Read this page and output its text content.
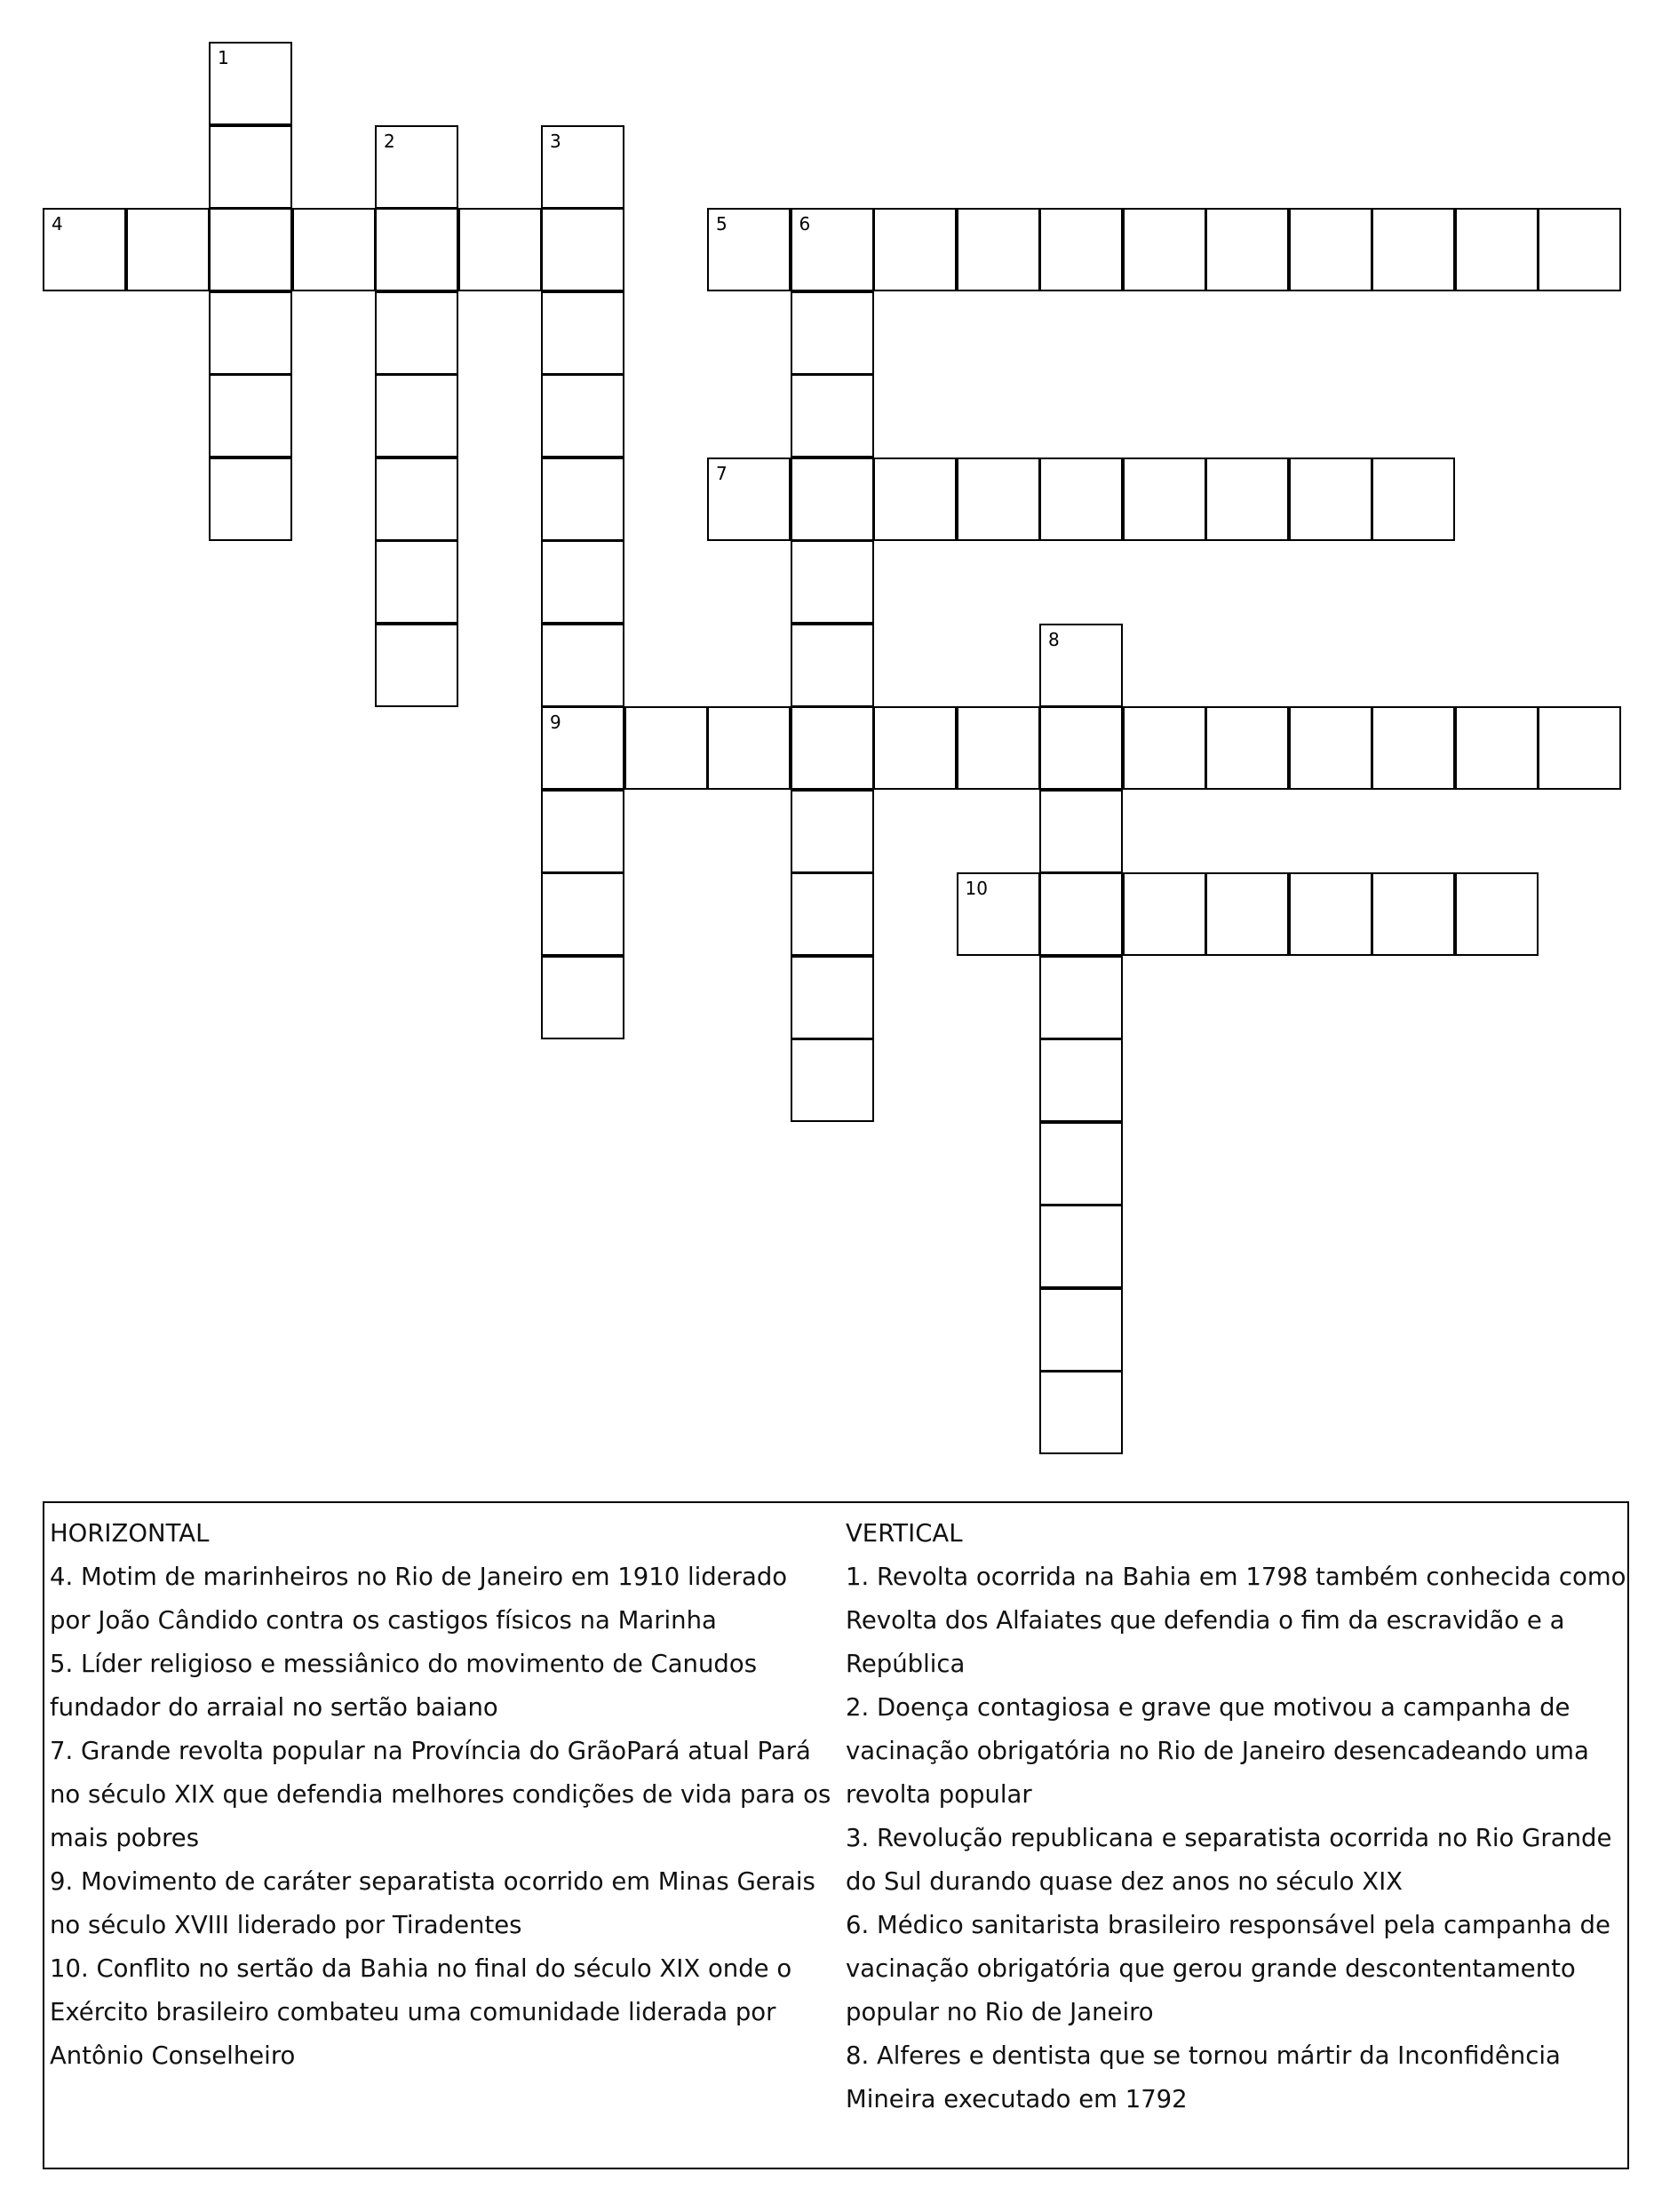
1
2	3
9
4	5	6
7
8
10

HORIZONTAL

4. Motim de marinheiros no Rio de Janeiro em 1910 liderado por João Cândido contra os castigos físicos na Marinha

5. Líder religioso e messiânico do movimento de Canudos fundador do arraial no sertão baiano

7. Grande revolta popular na Província do GrãoPará atual Pará no século XIX que defendia melhores condições de vida para os mais pobres

9. Movimento de caráter separatista ocorrido em Minas Gerais no século XVIII liderado por Tiradentes

10. Conflito no sertão da Bahia no final do século XIX onde o Exército brasileiro combateu uma comunidade liderada por Antônio Conselheiro

VERTICAL

1. Revolta ocorrida na Bahia em 1798 também conhecida como Revolta dos Alfaiates que defendia o fim da escravidão e a República

2. Doença contagiosa e grave que motivou a campanha de vacinação obrigatória no Rio de Janeiro desencadeando uma revolta popular

3. Revolução republicana e separatista ocorrida no Rio Grande do Sul durando quase dez anos no século XIX

6. Médico sanitarista brasileiro responsável pela campanha de vacinação obrigatória que gerou grande descontentamento popular no Rio de Janeiro

8. Alferes e dentista que se tornou mártir da Inconfidência Mineira executado em 1792
